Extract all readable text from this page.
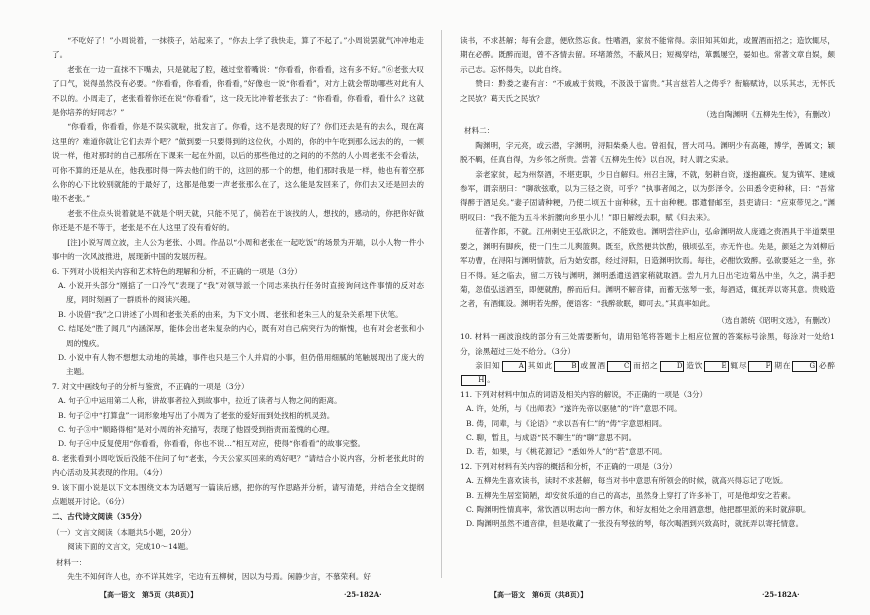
“不吃好了！”小周说着，一抹筷子，站起来了，“你去上学了我快走，算了不起了。”小周说罢就气冲冲地走了。

老张在一边一直抹不下嘴去，只是就起了腔，越过堂着嘴说：“你看看，你看看，这有多不好。”⑥老张大叹了口气，说得虽然没有必要。“你看看，你看看，你看看，”好像也一说“你看看”，对方上就会帮助哪些对此有人不以的。小周走了，老张看着你还在说“你看看”，这一段无比冲着老张去了：“你看看，你看看，看什么？这就是你培养的好同志？”

“你看看，你看看，你是不误实就啦，批发言了。你看，这不是表现的好了？你们还去是有的去么，现在离这里的？难道你就让它们去弄个吧？”做到要一只要得到的这位伙，小周的，你的中午吃到那么远去的的，一顿说一样，他对那时的自己那所在下课来一起在外面，以后的那些他过的之间的的不然的人小周老张不会看法，可你不算的还是从在，他我那时得一阵去他们的干的，这回的那一个的想，他们那时我是一样，他也有着空那么你的心下比较别就能的于最好了，这都是他要一声老张那么在了，这么能是发回来了，你们去又还是回去的啦不老张。”

老张不住点头说着就是不就是个明天就，只能不见了，倘若在于该找的人，想找的，感动的，你把你好做你还是不是不等于，老张是不在人这里了没有看好的。

[注]小说写周立波，主人公为老张、小周。作品以“小周和老张在一起吃饭”的场景为开端，以小人物一件小事中的一次风波推进，展现新中国的发展历程。

6. 下列对小说相关内容和艺术特色的理解和分析，不正确的一项是（3分）

A. 小说开头部分“刚掂了一口冷气”表现了“我”对领导派一个同志来执行任务时直接询问这件事情的反对态度，同时刻画了一群质朴的阅读兴趣。

B. 小说借“我”之口讲述了小周和老张关系的由来，为下文小周、老张和老朱三人的复杂关系埋下伏笔。

C. 结尾处“胜了闻几”内涵深厚，能体会出老朱复杂的内心，既有对自己病突行为的惭愧，也有对会老张和小周的愧疚。

D. 小说中有人物不想想太动地的英雄，事件也只是三个人并肩的小事，但仍借用细腻的笔触展现出了庞大的主题。

7. 对文中画线句子的分析与鉴赏，不正确的一项是（3分）

A. 句子①中运用第二人称，讲故事者拉入到故事中，拉近了读者与人物之间的距离。

B. 句子②中“打算盘”一词形象地写出了小周为了老张的爱好而到处找相的机灵劲。

C. 句子③中“顺路得相”是对小周的补充描写，表现了他固受到指责而羞愧的心理。

D. 句子④中反复使用“你看看，你看看，你也不说…”相互对应，使得“你看看”的故事完整。

8. 老张看到小周吃饭后没能不住问了句“老张，今天公家买回来的鸡好吧？”请结合小说内容，分析老张此时的内心活动及其表现的作用。（4分）

9. 该下面小说是以下文本围绕文本为话题写一篇读后感，把你的写作思路并分析，请写清楚，并结合全文提纲点题展开讨论。（6分）

二、古代诗文阅读（35分）

（一）文言文阅读（本题共5小题，20分）

阅读下面的文言文，完成10～14题。

材料一：

先生不知何许人也，亦不详其姓字，宅边有五柳树，因以为号焉。闲静少言，不慕荣利。好

读书，不求甚解；每有会意，便欣然忘食。性嗜酒，家贫不能常得。亲旧知其如此，或置酒而招之；造饮辄尽，期在必醉。既醉而退，曾不吝情去留。环堵萧然，不蔽风日；短褐穿结，箪瓢屡空，晏如也。常著文章自娱，颇示己志。忘怀得失，以此自终。

赞曰：黔娄之妻有言：“不戚戚于贫贱，不汲汲于富贵。”其言兹若人之俦乎？衔觞赋诗，以乐其志，无怀氏之民欤？葛天氏之民欤？

（选自陶渊明《五柳先生传》，有删改）

材料二：

陶渊明，字元亮，或云潜，字渊明，浔阳柴桑人也。曾祖侃，晋大司马。渊明少有高趣，博学，善属文；颖脱不羁，任真自得，为乡邻之所贵。尝著《五柳先生传》以自况，时人谓之实录。

亲老家贫，起为州祭酒，不堪吏职，少日自解归。州召主簿，不就，躬耕自资，遂抱羸疾。复为镇军、建威参军，谓亲朋曰：“聊欲弦歌，以为三径之资，可乎？”执事者闻之，以为彭泽令。公田悉令吏种秫，曰：“吾常得醉于酒足矣。”妻子固请种粳，乃使二顷五十亩种秫，五十亩种粳。郡遣督邮至，县吏请曰：“应束带见之。”渊明叹曰：“我不能为五斗米折腰向乡里小儿！”即日解绶去职，赋《归去来》。

征著作郎，不就。江州刺史王弘欲识之，不能致也。渊明尝往庐山，弘命渊明故人庞通之赍酒具于半道栗里要之，渊明有脚疾，使一门生二儿舆篮舆。既至，欣然便共饮酌，俄顷弘至，亦无忤也。先是，颜延之为刘柳后军功曹，在浔阳与渊明情款，后为始安郡，经过浔阳，日造渊明饮焉。每往，必酣饮致醉。弘欲要延之一坐，弥日不得。延之临去，留二万钱与渊明，渊明悉遣送酒家稍就取酒。尝九月九日出宅边菊丛中坐，久之，满手把菊，忽值弘送酒至，即便就酌，醉而后归。渊明不解音律，而蓄无弦琴一张，每酒适，辄抚弄以寄其意。贵贱造之者，有酒辄设。渊明若先醉，便语客：“我醉欲眠，卿可去。”其真率如此。

（选自萧统《昭明文选》，有删改）

10. 材料一画波浪线的部分有三处需要断句，请用铅笔将答题卡上相应位置的答案标号涂黑，每涂对一处给1分，涂黑超过三处不给分。（3分）

亲旧知	A 其如此	B 或置酒	C 而招之	D 造饮	E 辄尽	F 期在	G 必醉H 。

11. 下列对材料中加点的词语及相关内容的解说，不正确的一项是（3分）

A. 许，处所，与《出师表》“遂许先帝以驱驰”的“许”意思不同。

B. 俦，同辈，与《论语》“求以吾有仁”的“俦”字意思相同。

C. 聊，暂且，与成语“民不聊生”的“聊”意思不同。

D. 若，如果，与《桃花源记》“悉如外人”的“若”意思不同。

12. 下列对材料有关内容的概括和分析，不正确的一项是（3分）

A. 五柳先生喜欢读书，读时不求甚解，每当对书中意思有所领会的时候，就高兴得忘记了吃饭。

B. 五柳先生居室简陋，却安贫乐道的自己的高志，虽然身上穿打了许多补丁，可是他却安之若素。

C. 陶渊明性情真率，常饮酒以明志向一醉方休，和好友相处之余用酒意想，他把郡里派的来时就辞职。

D. 陶渊明虽然不通音律，但是收藏了一张没有琴弦的琴，每次喝酒到兴致高时，就抚弄以寄托情意。

【高一语文　第5页（共8页）】	·25-182A·	【高一语文　第6页（共8页）】	·25-182A·
